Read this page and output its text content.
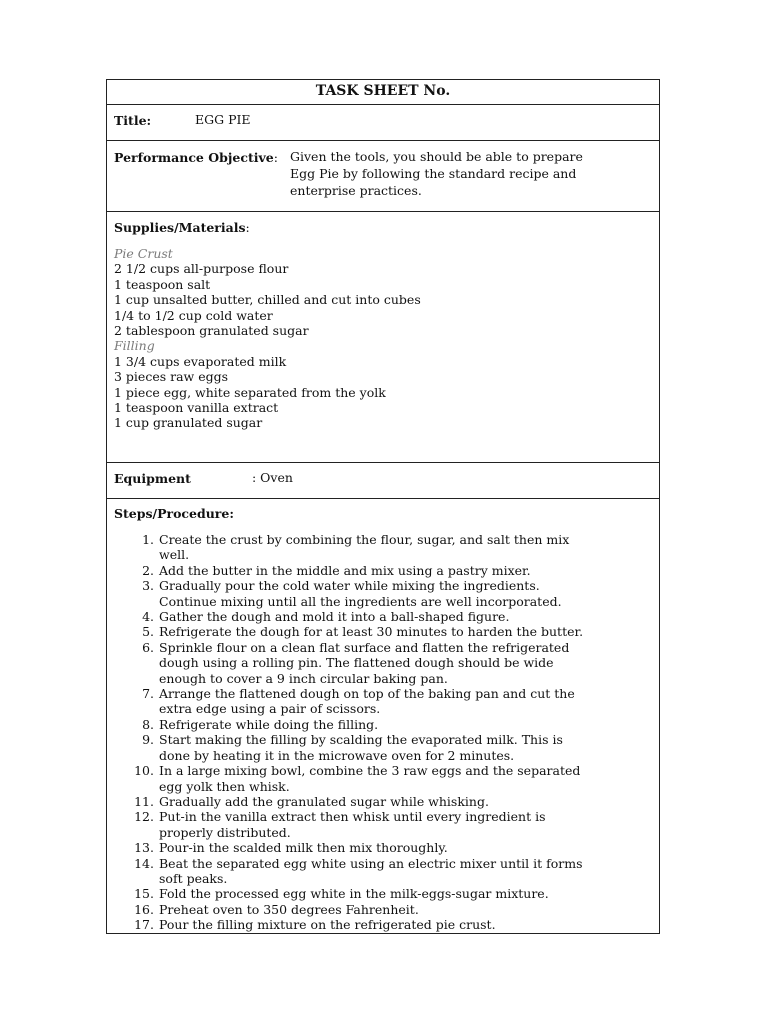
TASK SHEET No.
Title:	EGG PIE
Performance Objective: Given the tools, you should be able to prepare
Egg Pie by following the standard recipe and
enterprise practices.
Supplies/Materials:
Pie Crust
2 1/2 cups all-purpose flour
1 teaspoon salt
1 cup unsalted butter, chilled and cut into cubes
1/4 to 1/2 cup cold water
2 tablespoon granulated sugar
Filling
1 3/4 cups evaporated milk
3 pieces raw eggs
1 piece egg, white separated from the yolk
1 teaspoon vanilla extract
1 cup granulated sugar
Equipment	: Oven
Steps/Procedure:
1. Create the crust by combining the flour, sugar, and salt then mix
well.
2. Add the butter in the middle and mix using a pastry mixer.
3. Gradually pour the cold water while mixing the ingredients.
Continue mixing until all the ingredients are well incorporated.
4. Gather the dough and mold it into a ball-shaped figure.
5. Refrigerate the dough for at least 30 minutes to harden the butter.
6. Sprinkle flour on a clean flat surface and flatten the refrigerated
dough using a rolling pin. The flattened dough should be wide
enough to cover a 9 inch circular baking pan.
7. Arrange the flattened dough on top of the baking pan and cut the
extra edge using a pair of scissors.
8. Refrigerate while doing the filling.
9. Start making the filling by scalding the evaporated milk. This is
done by heating it in the microwave oven for 2 minutes.
10. In a large mixing bowl, combine the 3 raw eggs and the separated
egg yolk then whisk.
11. Gradually add the granulated sugar while whisking.
12. Put-in the vanilla extract then whisk until every ingredient is
properly distributed.
13. Pour-in the scalded milk then mix thoroughly.
14. Beat the separated egg white using an electric mixer until it forms
soft peaks.
15. Fold the processed egg white in the milk-eggs-sugar mixture.
16. Preheat oven to 350 degrees Fahrenheit.
17. Pour the filling mixture on the refrigerated pie crust.
